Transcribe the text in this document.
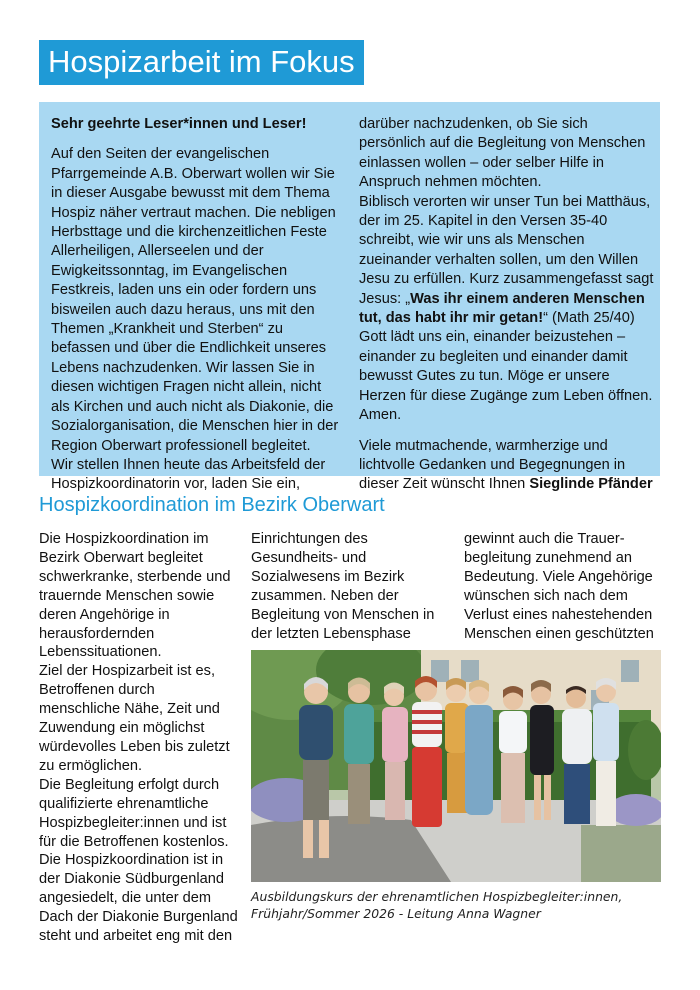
Hospizarbeit im Fokus

Sehr geehrte Leser*innen und Leser!

Auf den Seiten der evangelischen Pfarrgemeinde A.B. Oberwart wollen wir Sie in dieser Ausgabe bewusst mit dem Thema Hospiz näher vertraut machen. Die nebligen Herbsttage und die kirchenzeitlichen Feste Allerheiligen, Allerseelen und der Ewigkeitssonntag, im Evangelischen Festkreis, laden uns ein oder fordern uns bisweilen auch dazu heraus, uns mit den Themen „Krankheit und Sterben“ zu befassen und über die Endlichkeit unseres Lebens nachzudenken. Wir lassen Sie in diesen wichtigen Fragen nicht allein, nicht als Kirchen und auch nicht als Diakonie, die Sozialorganisation, die Menschen hier in der Region Oberwart professionell begleitet.

Wir stellen Ihnen heute das Arbeitsfeld der Hospizkoordinatorin vor, laden Sie ein,

darüber nachzudenken, ob Sie sich persönlich auf die Begleitung von Menschen einlassen wollen – oder selber Hilfe in Anspruch nehmen möchten.

Biblisch verorten wir unser Tun bei Matthäus, der im 25. Kapitel in den Versen 35-40 schreibt, wie wir uns als Menschen zueinander verhalten sollen, um den Willen Jesu zu erfüllen. Kurz zusammengefasst sagt Jesus: „Was ihr einem anderen Menschen tut, das habt ihr mir getan!“ (Math 25/40) Gott lädt uns ein, einander beizustehen – einander zu begleiten und einander damit bewusst Gutes zu tun. Möge er unsere Herzen für diese Zugänge zum Leben öffnen. Amen.

Viele mutmachende, warmherzige und lichtvolle Gedanken und Begegnungen in dieser Zeit wünscht Ihnen Sieglinde Pfänder

Hospizkoordination im Bezirk Oberwart

Die Hospizkoordination im Bezirk Oberwart begleitet schwerkranke, sterbende und trauernde Menschen sowie deren Angehörige in herausfordernden Lebenssituationen.

Ziel der Hospizarbeit ist es, Betroffenen durch menschliche Nähe, Zeit und Zuwendung ein möglichst würdevolles Leben bis zuletzt zu ermöglichen.

Die Begleitung erfolgt durch qualifizierte ehrenamtliche Hospizbegleiter:innen und ist für die Betroffenen kostenlos.

Die Hospizkoordination ist in der Diakonie Südburgenland angesiedelt, die unter dem Dach der Diakonie Burgenland steht und arbeitet eng mit den

Einrichtungen des Gesundheits- und Sozialwesens im Bezirk zusammen. Neben der Begleitung von Menschen in der letzten Lebensphase

gewinnt auch die Trauerbegleitung zunehmend an Bedeutung. Viele Angehörige wünschen sich nach dem Verlust eines nahestehenden Menschen einen geschützten

Ausbildungskurs der ehrenamtlichen Hospizbegleiter:innen, Frühjahr/Sommer 2026 - Leitung Anna Wagner
